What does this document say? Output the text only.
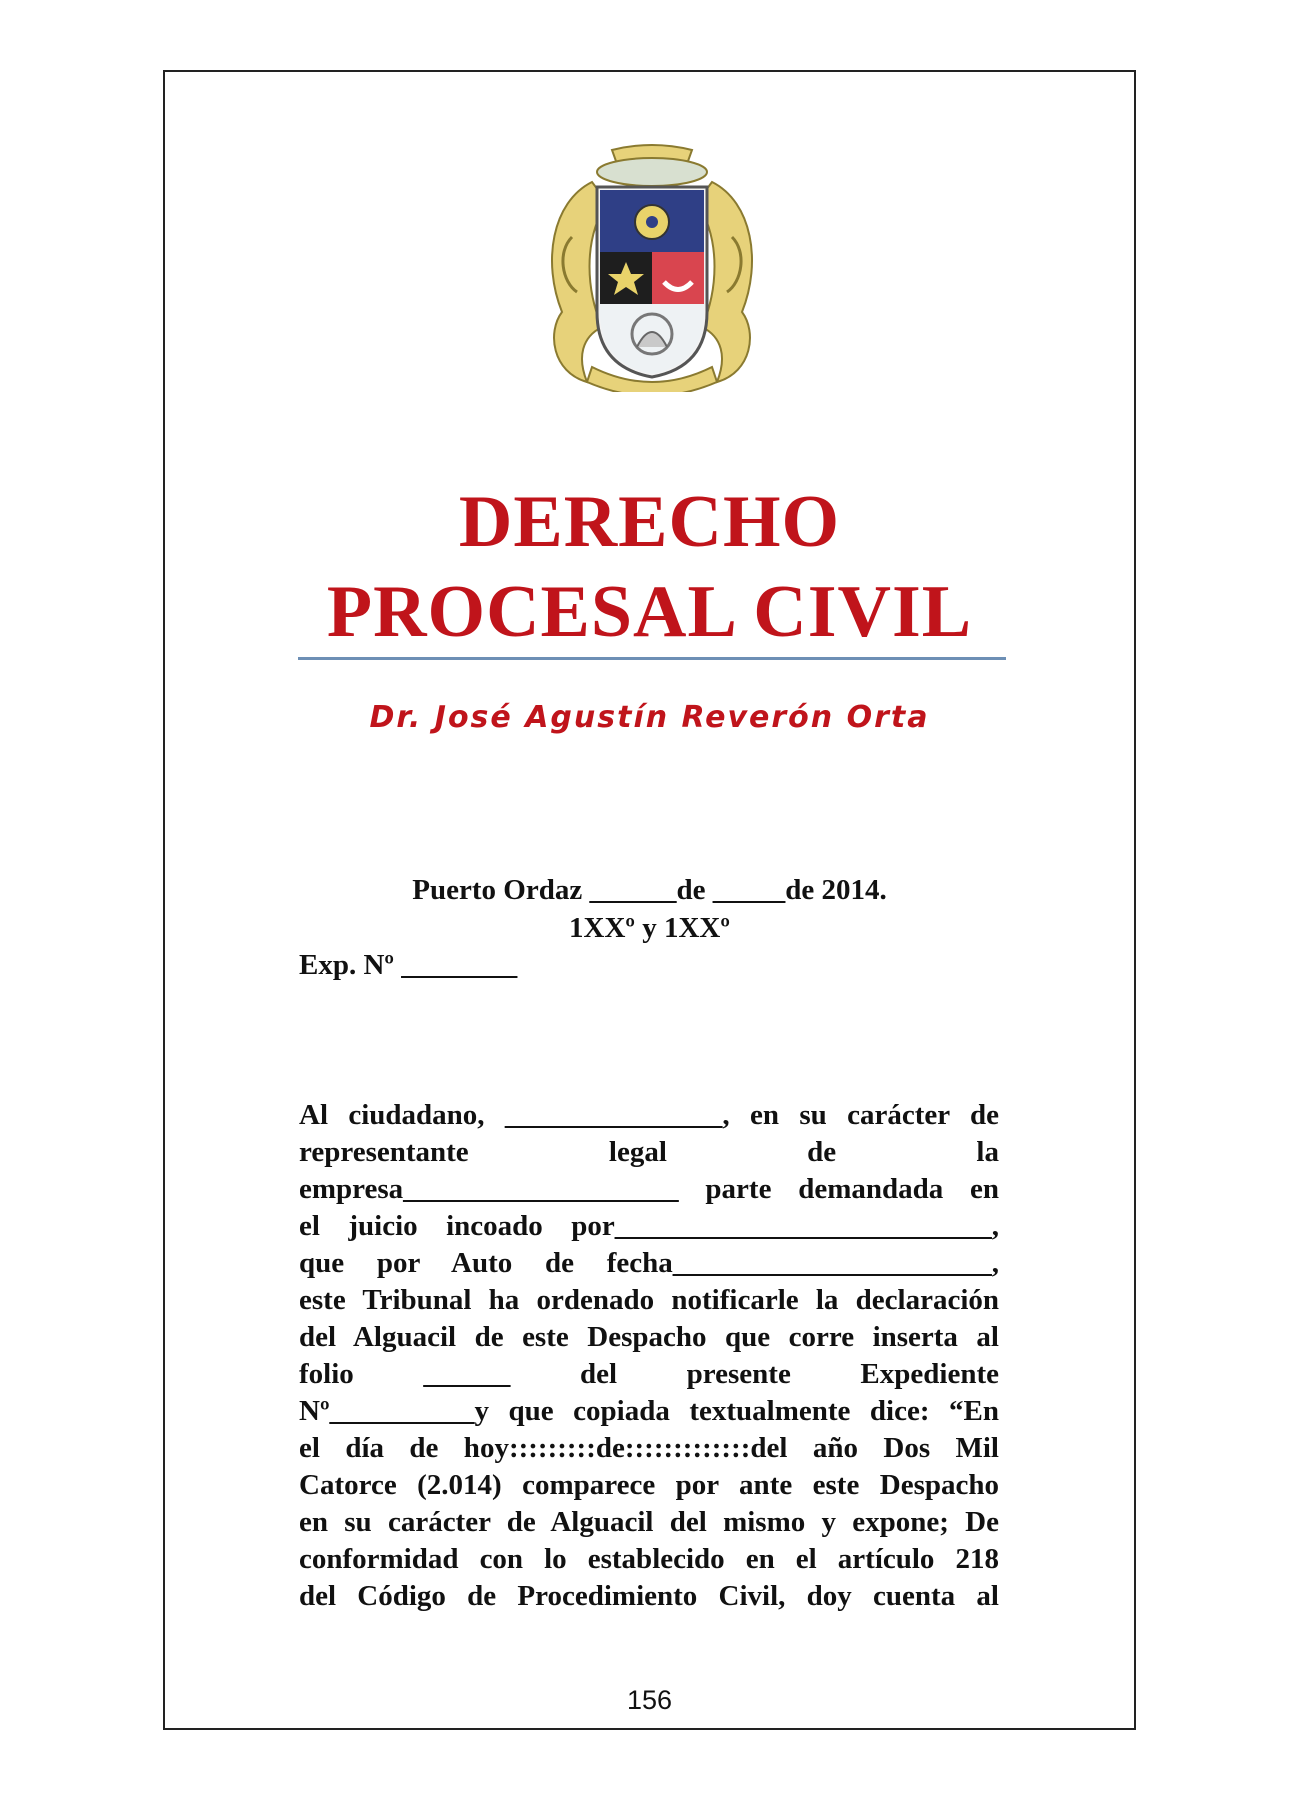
DERECHO
PROCESAL CIVIL
Dr. José Agustín Reverón Orta
Puerto Ordaz ______de _____de 2014.
1XXº y 1XXº
Exp. Nº ________
Al ciudadano, _______________, en su carácter de
representante            legal            de            la
empresa___________________ parte demandada en
el juicio incoado por__________________________,
que por Auto de fecha______________________,
este Tribunal ha ordenado notificarle la declaración
del Alguacil de este Despacho que corre inserta al
folio      ______      del      presente      Expediente
Nº__________y que copiada textualmente dice: “En
el día de hoy:::::::::de:::::::::::::del año Dos Mil
Catorce (2.014) comparece por ante este Despacho
en su carácter de Alguacil del mismo y expone; De
conformidad con lo establecido en el artículo 218
del Código de Procedimiento Civil, doy cuenta al
156
